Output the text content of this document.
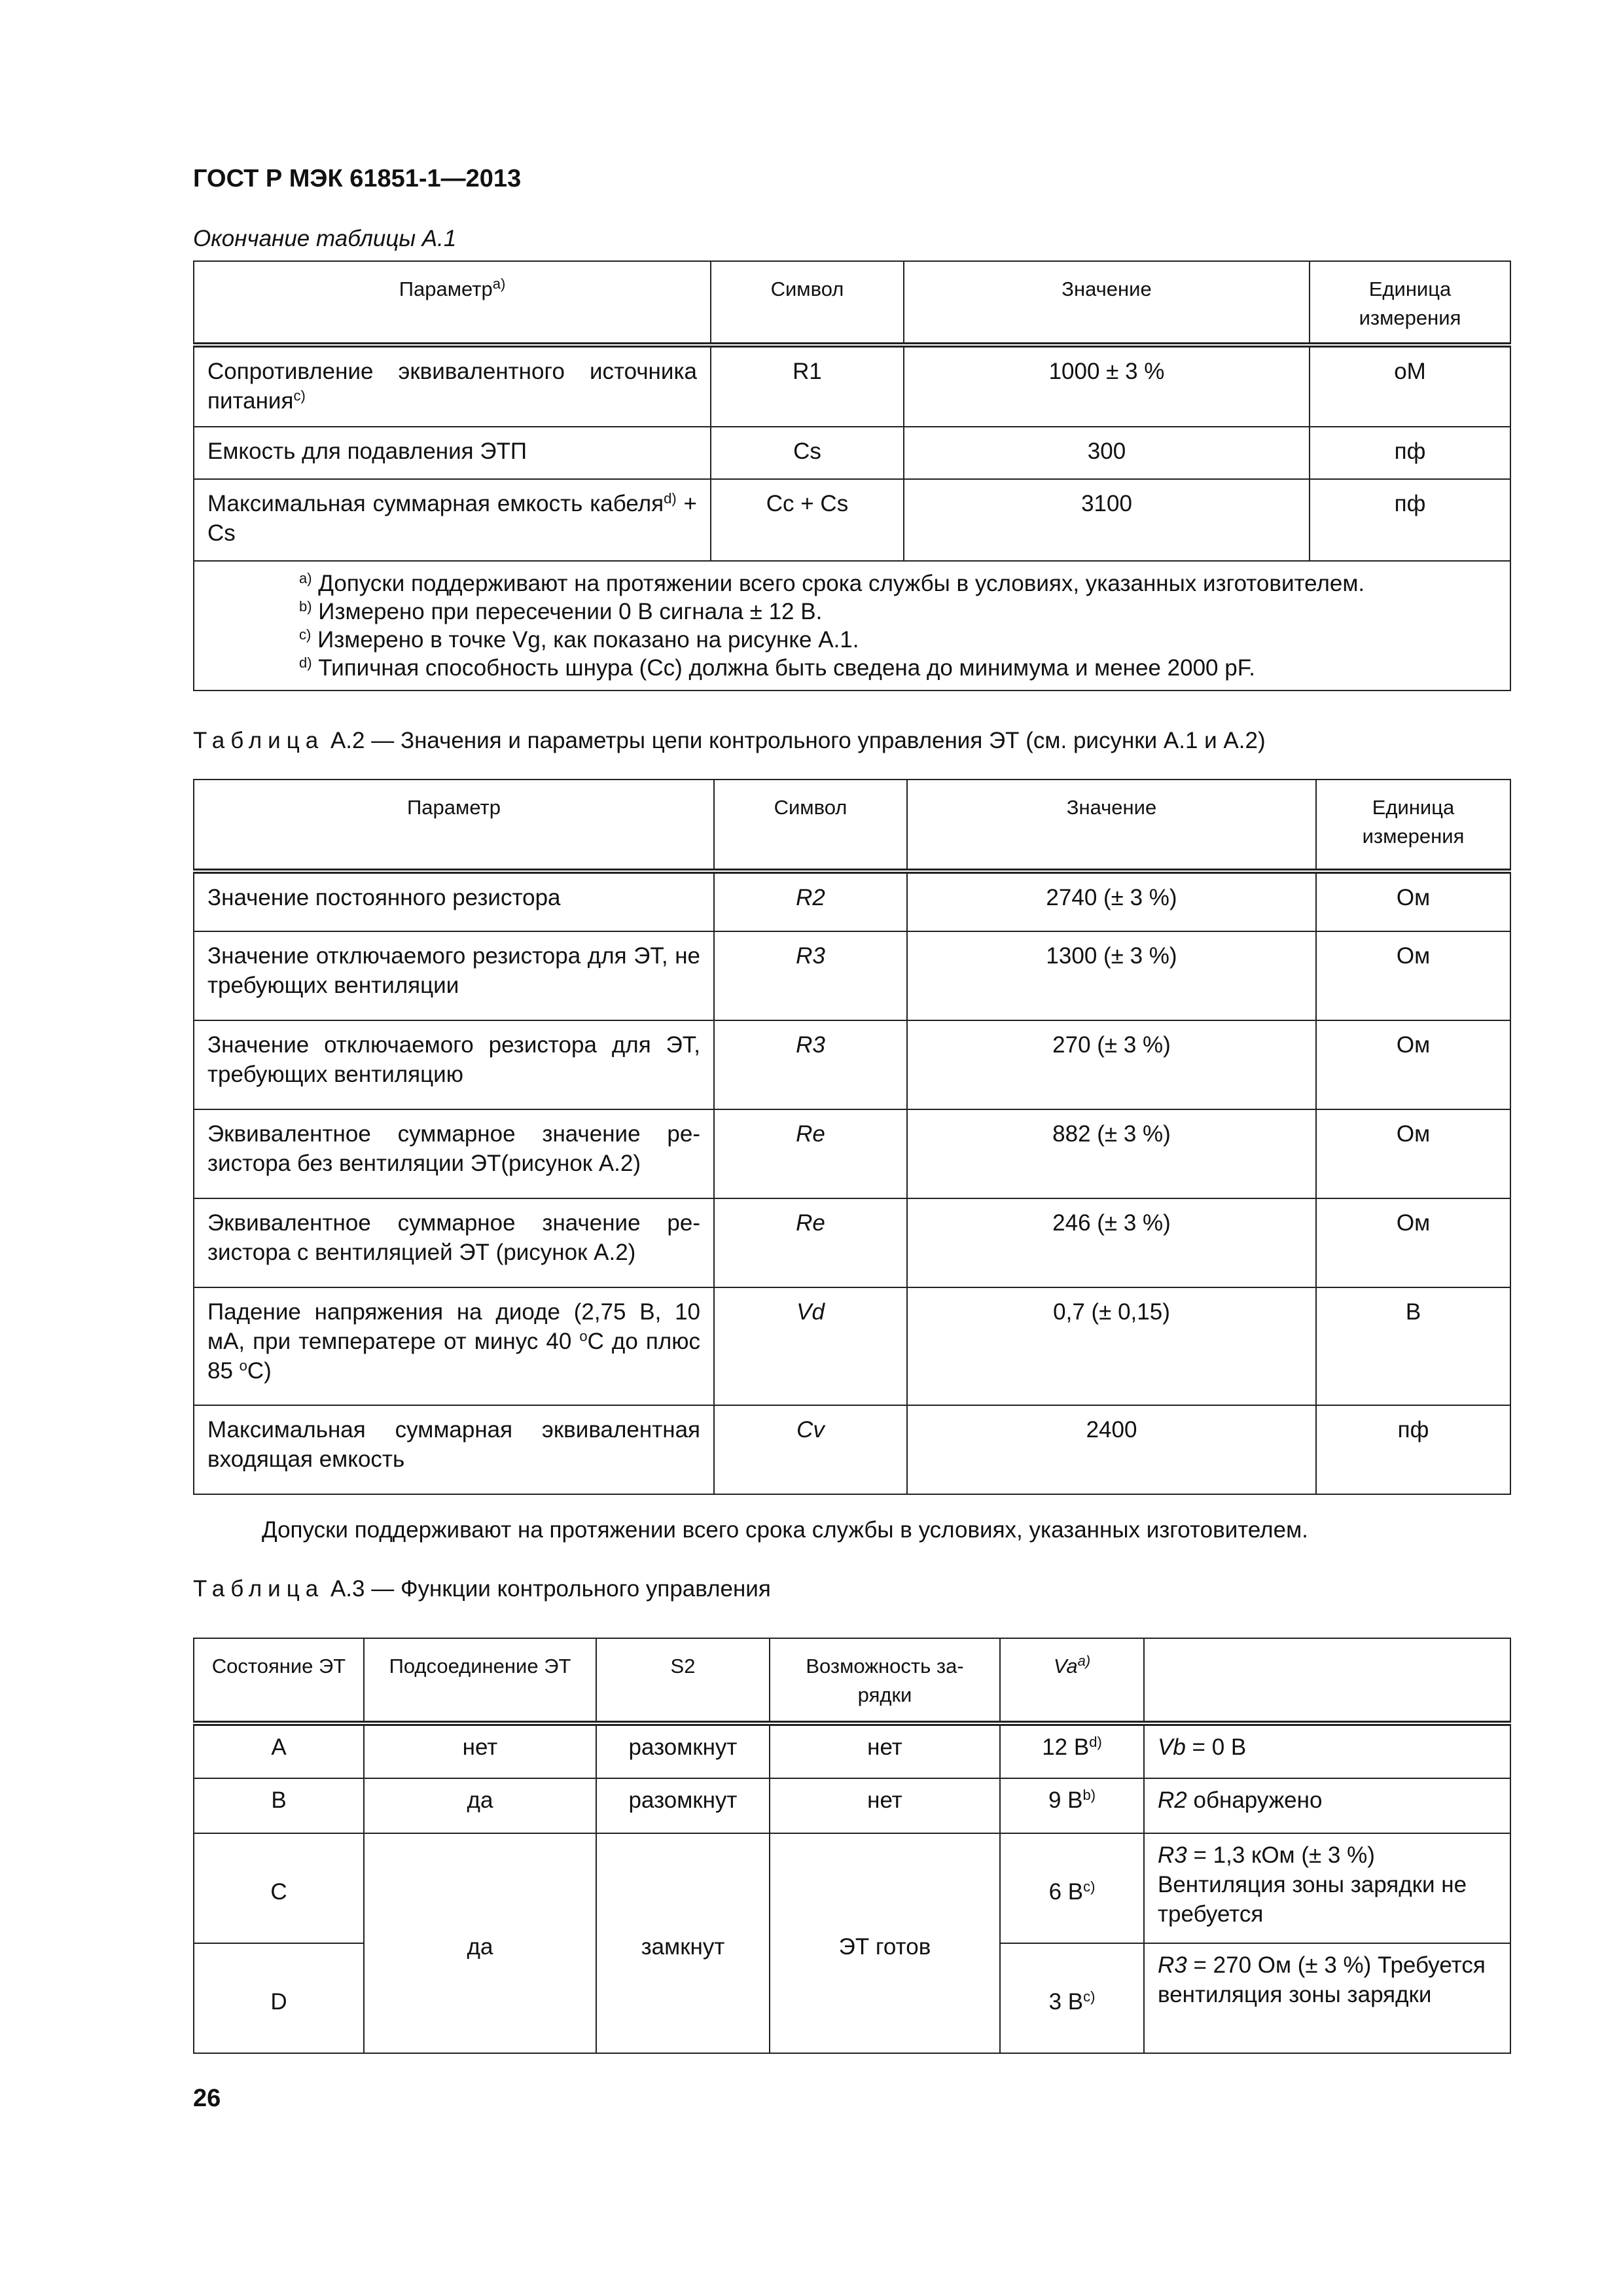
ГОСТ Р МЭК 61851-1—2013
Окончание таблицы А.1
Параметр$^{a)}$	Символ	Значение	Единица измерения
Сопротивление эквивалентного источника питания$^{c)}$	R1	1000 ± 3 %	оМ
Емкость для подавления ЭТП	Cs	300	пф
Максимальная суммарная емкость кабеля$^{d)}$ + Cs	Cc + Cs	3100	пф

$^{a)}$ Допуски поддерживают на протяжении всего срока службы в условиях, указанных изготовителем.
$^{b)}$ Измерено при пересечении 0 В сигнала ± 12 В.
$^{c)}$ Измерено в точке Vg, как показано на рисунке А.1.
$^{d)}$ Типичная способность шнура (Cc) должна быть сведена до минимума и менее 2000 pF.			
Таблица А.2 — Значения и параметры цепи контрольного управления ЭТ (см. рисунки А.1 и А.2)
Параметр	Символ	Значение	Единица измерения
Значение постоянного резистора	R2	2740 (± 3 %)	Ом
Значение отключаемого резистора для ЭТ, не требующих вентиляции	R3	1300 (± 3 %)	Ом
Значение отключаемого резистора для ЭТ, требующих вентиляцию	R3	270 (± 3 %)	Ом
Эквивалентное суммарное значение ре-зистора без вентиляции ЭТ(рисунок А.2)	Re	882 (± 3 %)	Ом
Эквивалентное суммарное значение ре-зистора с вентиляцией ЭТ (рисунок А.2)	Re	246 (± 3 %)	Ом
Падение напряжения на диоде (2,75 В, 10 мА, при температере от минус 40 $^o$С до плюс 85 $^o$С)	Vd	0,7 (± 0,15)	В
Максимальная суммарная эквивалентная входящая емкость	Cv	2400	пф
Допуски поддерживают на протяжении всего срока службы в условиях, указанных изготовителем.
Таблица А.3 — Функции контрольного управления
Состояние ЭТ	Подсоединение ЭТ	S2	Возможность за-рядки	Va$^{a)}$	
A	нет	разомкнут	нет	12 $В^{d)}$	Vb = 0 В
B	да	разомкнут	нет	9 $В^{b)}$	R2 обнаружено
C	да	замкнут	ЭТ готов	6 $В^{c)}$	R3 = 1,3 кОм (± 3 %) Вентиляция зоны зарядки не требуется
D				3 $В^{c)}$	R3 = 270 Ом (± 3 %) Требуется вентиляция зоны зарядки
26
